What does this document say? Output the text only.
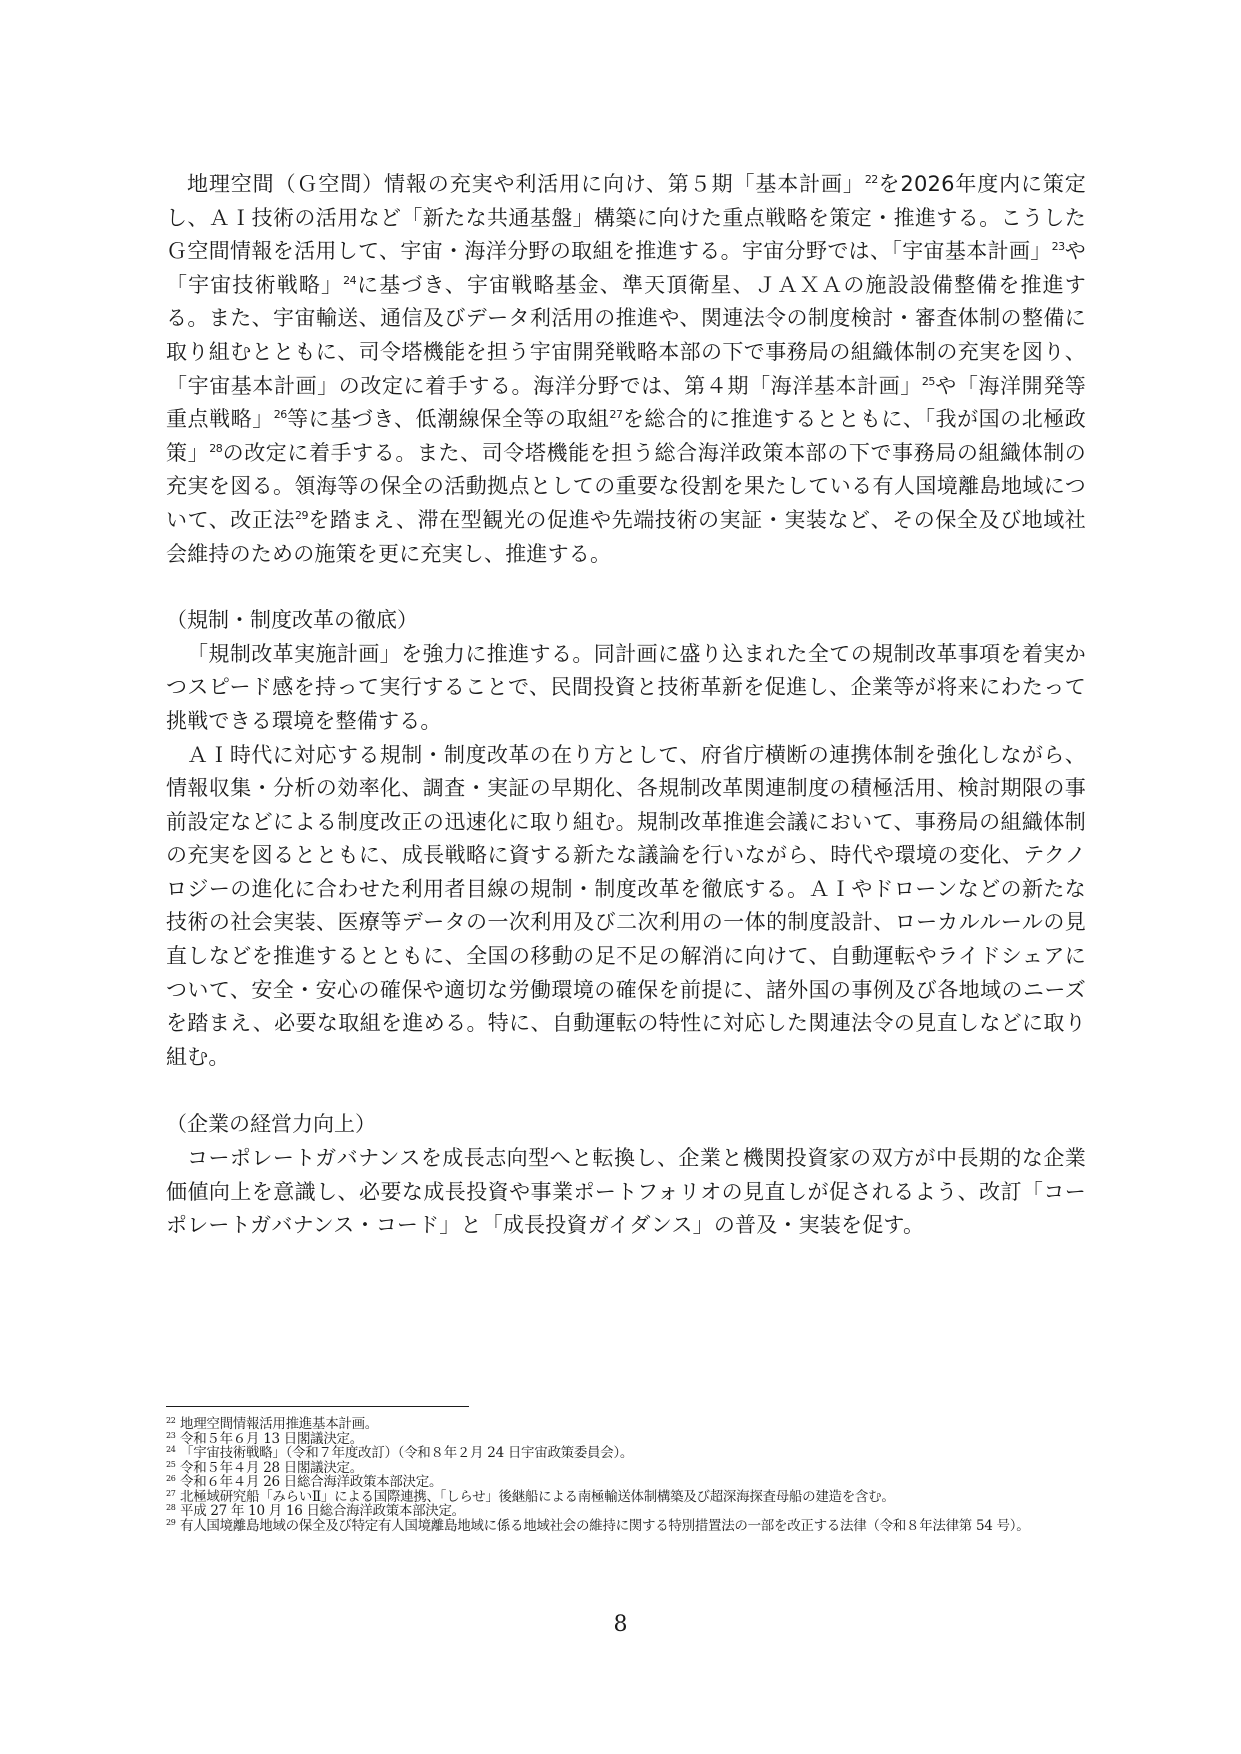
地理空間（Ｇ空間）情報の充実や利活用に向け、第５期「基本計画」$^{22}$を2026年度内に策定し、ＡＩ技術の活用など「新たな共通基盤」構築に向けた重点戦略を策定・推進する。こうしたＧ空間情報を活用して、宇宙・海洋分野の取組を推進する。宇宙分野では、「宇宙基本計画」$^{23}$や「宇宙技術戦略」$^{24}$に基づき、宇宙戦略基金、準天頂衛星、ＪＡＸＡの施設設備整備を推進する。また、宇宙輸送、通信及びデータ利活用の推進や、関連法令の制度検討・審査体制の整備に取り組むとともに、司令塔機能を担う宇宙開発戦略本部の下で事務局の組織体制の充実を図り、「宇宙基本計画」の改定に着手する。海洋分野では、第４期「海洋基本計画」$^{25}$や「海洋開発等重点戦略」$^{26}$等に基づき、低潮線保全等の取組$^{27}$を総合的に推進するとともに、「我が国の北極政策」$^{28}$の改定に着手する。また、司令塔機能を担う総合海洋政策本部の下で事務局の組織体制の充実を図る。領海等の保全の活動拠点としての重要な役割を果たしている有人国境離島地域について、改正法$^{29}$を踏まえ、滞在型観光の促進や先端技術の実証・実装など、その保全及び地域社会維持のための施策を更に充実し、推進する。

（規制・制度改革の徹底）

「規制改革実施計画」を強力に推進する。同計画に盛り込まれた全ての規制改革事項を着実かつスピード感を持って実行することで、民間投資と技術革新を促進し、企業等が将来にわたって挑戦できる環境を整備する。

ＡＩ時代に対応する規制・制度改革の在り方として、府省庁横断の連携体制を強化しながら、情報収集・分析の効率化、調査・実証の早期化、各規制改革関連制度の積極活用、検討期限の事前設定などによる制度改正の迅速化に取り組む。規制改革推進会議において、事務局の組織体制の充実を図るとともに、成長戦略に資する新たな議論を行いながら、時代や環境の変化、テクノロジーの進化に合わせた利用者目線の規制・制度改革を徹底する。ＡＩやドローンなどの新たな技術の社会実装、医療等データの一次利用及び二次利用の一体的制度設計、ローカルルールの見直しなどを推進するとともに、全国の移動の足不足の解消に向けて、自動運転やライドシェアについて、安全・安心の確保や適切な労働環境の確保を前提に、諸外国の事例及び各地域のニーズを踏まえ、必要な取組を進める。特に、自動運転の特性に対応した関連法令の見直しなどに取り組む。

（企業の経営力向上）

コーポレートガバナンスを成長志向型へと転換し、企業と機関投資家の双方が中長期的な企業価値向上を意識し、必要な成長投資や事業ポートフォリオの見直しが促されるよう、改訂「コーポレートガバナンス・コード」と「成長投資ガイダンス」の普及・実装を促す。

22 地理空間情報活用推進基本計画。

23 令和５年６月 13 日閣議決定。

24 「宇宙技術戦略」（令和７年度改訂）（令和８年２月 24 日宇宙政策委員会）。

25 令和５年４月 28 日閣議決定。

26 令和６年４月 26 日総合海洋政策本部決定。

27 北極域研究船「みらいⅡ」による国際連携、「しらせ」後継船による南極輸送体制構築及び超深海探査母船の建造を含む。

28 平成 27 年 10 月 16 日総合海洋政策本部決定。

29 有人国境離島地域の保全及び特定有人国境離島地域に係る地域社会の維持に関する特別措置法の一部を改正する法律（令和８年法律第 54 号）。

8
